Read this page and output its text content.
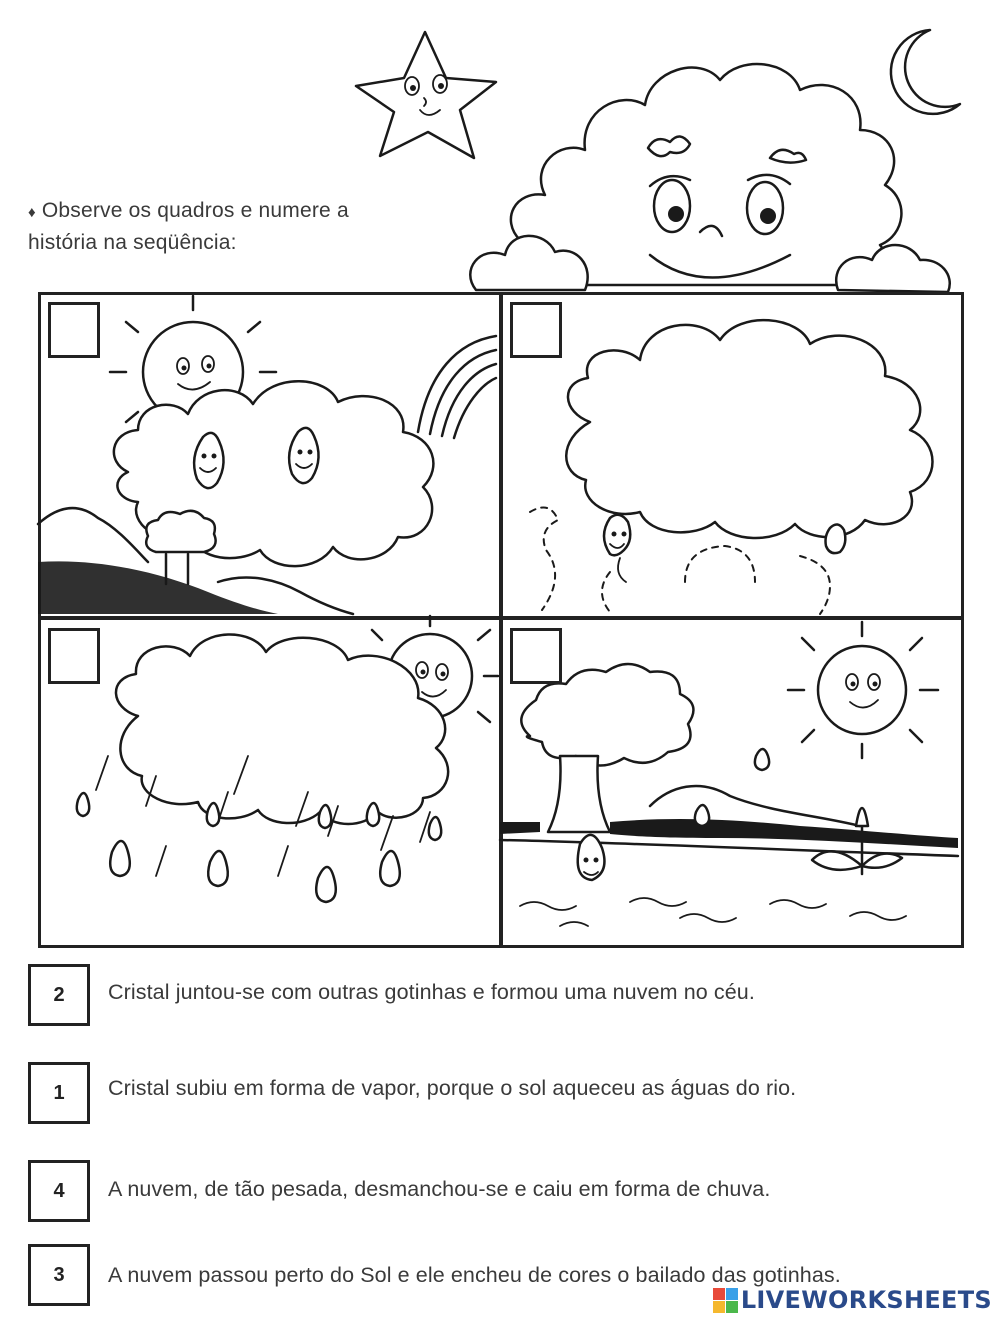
♦ Observe os quadros e numere a
história na seqüência:
2 Cristal juntou-se com outras gotinhas e formou uma nuvem no céu.
1 Cristal subiu em forma de vapor, porque o sol aqueceu as águas do rio.
4 A nuvem, de tão pesada, desmanchou-se e caiu em forma de chuva.
3 A nuvem passou perto do Sol e ele encheu de cores o bailado das gotinhas.
LIVEWORKSHEETS
